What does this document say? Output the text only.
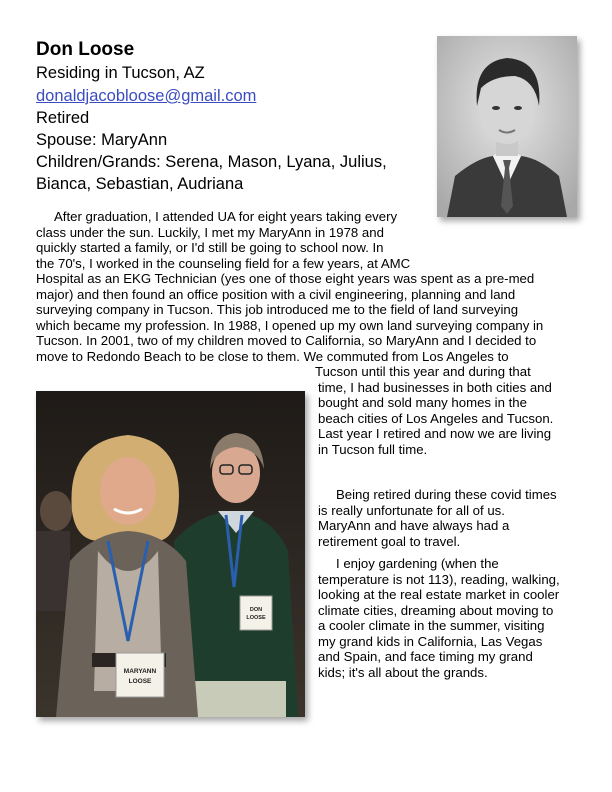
Don Loose
Residing in Tucson, AZ
donaldjacobloose@gmail.com
Retired
Spouse: MaryAnn
Children/Grands: Serena, Mason, Lyana, Julius,
Bianca, Sebastian, Audriana
After graduation, I attended UA for eight years taking every
class under the sun. Luckily, I met my MaryAnn in 1978 and
quickly started a family, or I'd still be going to school now. In
the 70's, I worked in the counseling field for a few years, at AMC
Hospital as an EKG Technician (yes one of those eight years was spent as a pre-med
major) and then found an office position with a civil engineering, planning and land
surveying company in Tucson. This job introduced me to the field of land surveying
which became my profession. In 1988, I opened up my own land surveying company in
Tucson. In 2001, two of my children moved to California, so MaryAnn and I decided to
move to Redondo Beach to be close to them. We commuted from Los Angeles to
Tucson until this year and during that
time, I had businesses in both cities and
bought and sold many homes in the
beach cities of Los Angeles and Tucson.
Last year I retired and now we are living
in Tucson full time.
Being retired during these covid times
is really unfortunate for all of us.
MaryAnn and have always had a
retirement goal to travel.
I enjoy gardening (when the
temperature is not 113), reading, walking,
looking at the real estate market in cooler
climate cities, dreaming about moving to
a cooler climate in the summer, visiting
my grand kids in California, Las Vegas
and Spain, and face timing my grand
kids; it's all about the grands.
DON
LOOSE
MARYANN
LOOSE
